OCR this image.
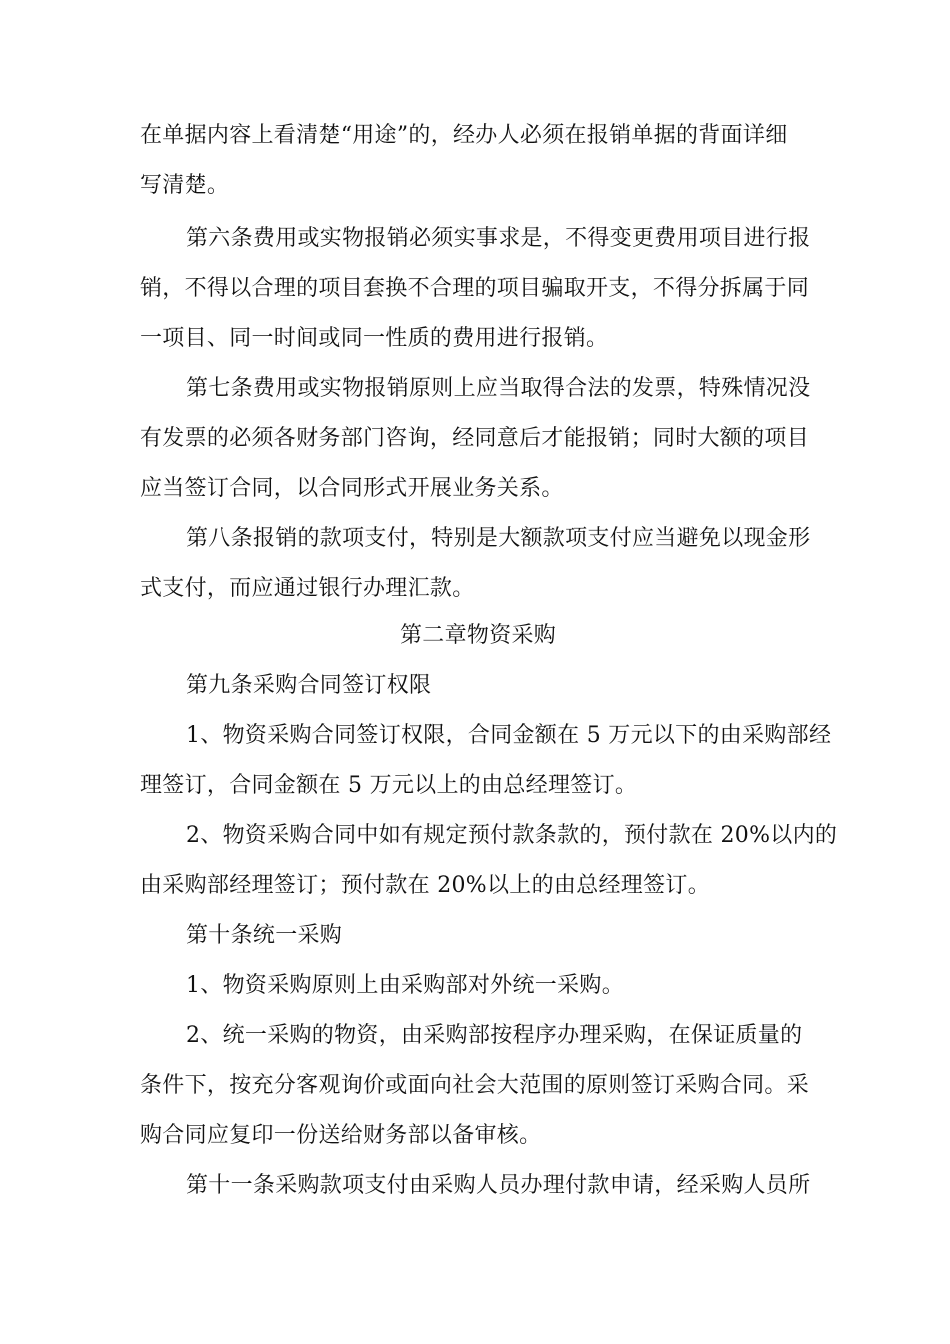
在单据内容上看清楚“用途”的，经办人必须在报销单据的背面详细
写清楚。
第六条费用或实物报销必须实事求是，不得变更费用项目进行报
销，不得以合理的项目套换不合理的项目骗取开支，不得分拆属于同
一项目、同一时间或同一性质的费用进行报销。
第七条费用或实物报销原则上应当取得合法的发票，特殊情况没
有发票的必须各财务部门咨询，经同意后才能报销；同时大额的项目
应当签订合同，以合同形式开展业务关系。
第八条报销的款项支付，特别是大额款项支付应当避免以现金形
式支付，而应通过银行办理汇款。
第二章物资采购
第九条采购合同签订权限
1、物资采购合同签订权限，合同金额在 5 万元以下的由采购部经
理签订，合同金额在 5 万元以上的由总经理签订。
2、物资采购合同中如有规定预付款条款的，预付款在 20%以内的
由采购部经理签订；预付款在 20%以上的由总经理签订。
第十条统一采购
1、物资采购原则上由采购部对外统一采购。
2、统一采购的物资，由采购部按程序办理采购，在保证质量的
条件下，按充分客观询价或面向社会大范围的原则签订采购合同。采
购合同应复印一份送给财务部以备审核。
第十一条采购款项支付由采购人员办理付款申请，经采购人员所
